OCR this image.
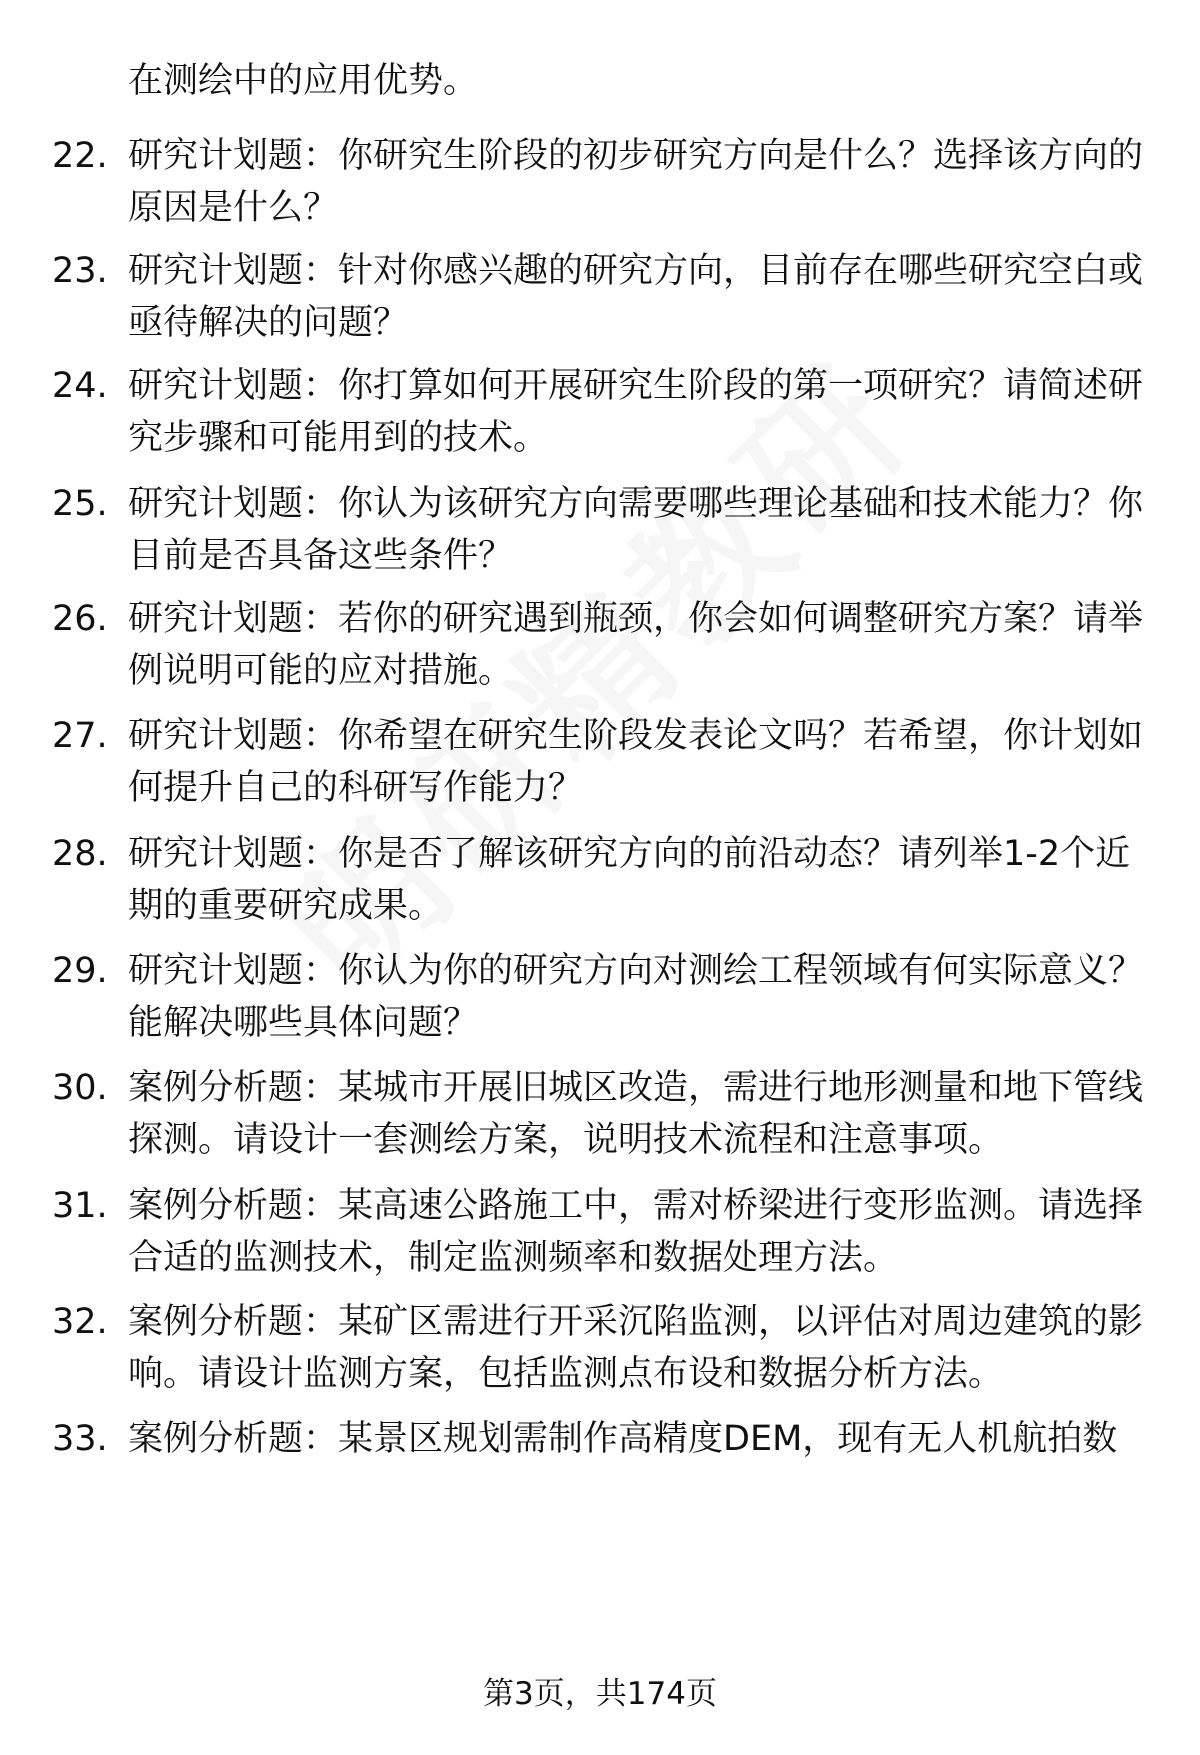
在测绘中的应用优势。
22. 研究计划题：你研究生阶段的初步研究方向是什么？选择该方向的原因是什么？
23. 研究计划题：针对你感兴趣的研究方向，目前存在哪些研究空白或亟待解决的问题？
24. 研究计划题：你打算如何开展研究生阶段的第一项研究？请简述研究步骤和可能用到的技术。
25. 研究计划题：你认为该研究方向需要哪些理论基础和技术能力？你目前是否具备这些条件？
26. 研究计划题：若你的研究遇到瓶颈，你会如何调整研究方案？请举例说明可能的应对措施。
27. 研究计划题：你希望在研究生阶段发表论文吗？若希望，你计划如何提升自己的科研写作能力？
28. 研究计划题：你是否了解该研究方向的前沿动态？请列举1-2个近期的重要研究成果。
29. 研究计划题：你认为你的研究方向对测绘工程领域有何实际意义？能解决哪些具体问题？
30. 案例分析题：某城市开展旧城区改造，需进行地形测量和地下管线探测。请设计一套测绘方案，说明技术流程和注意事项。
31. 案例分析题：某高速公路施工中，需对桥梁进行变形监测。请选择合适的监测技术，制定监测频率和数据处理方法。
32. 案例分析题：某矿区需进行开采沉陷监测，以评估对周边建筑的影响。请设计监测方案，包括监测点布设和数据分析方法。
33. 案例分析题：某景区规划需制作高精度DEM，现有无人机航拍数
第3页，共174页
